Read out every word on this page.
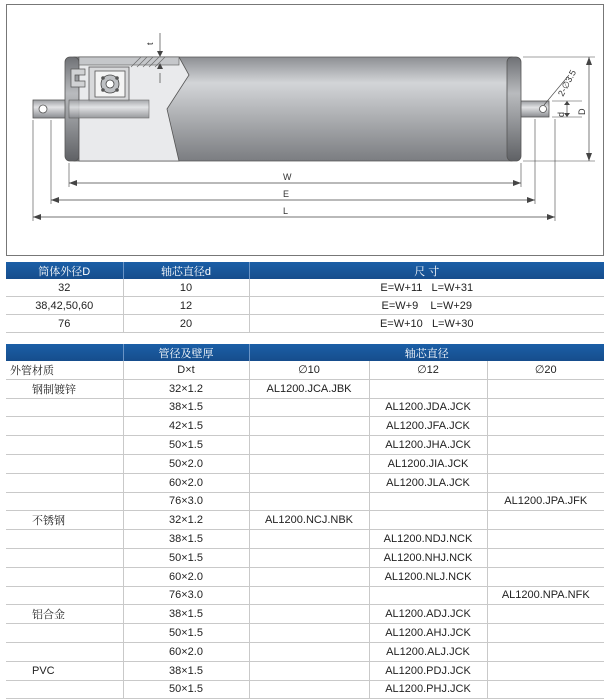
t
W
E
L
d D
2-∅3.5
筒体外径D	轴芯直径d	尺 寸
32	10	E=W+11   L=W+31
38,42,50,60	12	E=W+9    L=W+29
76	20	E=W+10   L=W+30
	管径及壁厚	轴芯直径		
外管材质	D×t	∅10	∅12	∅20
钢制镀锌	32×1.2	AL1200.JCA.JBK		
	38×1.5		AL1200.JDA.JCK	
	42×1.5		AL1200.JFA.JCK	
	50×1.5		AL1200.JHA.JCK	
	50×2.0		AL1200.JIA.JCK	
	60×2.0		AL1200.JLA.JCK	
	76×3.0			AL1200.JPA.JFK
不锈钢	32×1.2	AL1200.NCJ.NBK		
	38×1.5		AL1200.NDJ.NCK	
	50×1.5		AL1200.NHJ.NCK	
	60×2.0		AL1200.NLJ.NCK	
	76×3.0			AL1200.NPA.NFK
铝合金	38×1.5		AL1200.ADJ.JCK	
	50×1.5		AL1200.AHJ.JCK	
	60×2.0		AL1200.ALJ.JCK	
PVC	38×1.5		AL1200.PDJ.JCK	
	50×1.5		AL1200.PHJ.JCK	
